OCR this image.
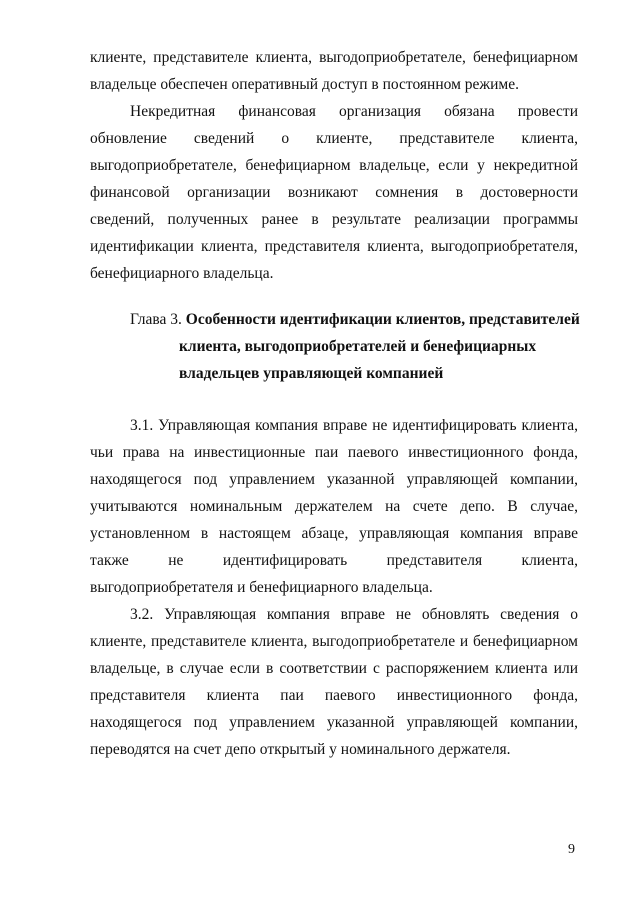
клиенте, представителе клиента, выгодоприобретателе, бенефициарном владельце обеспечен оперативный доступ в постоянном режиме.

Некредитная финансовая организация обязана провести обновление сведений о клиенте, представителе клиента, выгодоприобретателе, бенефициарном владельце, если у некредитной финансовой организации возникают сомнения в достоверности сведений, полученных ранее в результате реализации программы идентификации клиента, представителя клиента, выгодоприобретателя, бенефициарного владельца.

Глава 3. Особенности идентификации клиентов, представителей
клиента, выгодоприобретателей и бенефициарных
владельцев управляющей компанией

3.1. Управляющая компания вправе не идентифицировать клиента, чьи права на инвестиционные паи паевого инвестиционного фонда, находящегося под управлением указанной управляющей компании, учитываются номинальным держателем на счете депо. В случае, установленном в настоящем абзаце, управляющая компания вправе также не идентифицировать представителя клиента, выгодоприобретателя и бенефициарного владельца.

3.2. Управляющая компания вправе не обновлять сведения о клиенте, представителе клиента, выгодоприобретателе и бенефициарном владельце, в случае если в соответствии с распоряжением клиента или представителя клиента паи паевого инвестиционного фонда, находящегося под управлением указанной управляющей компании, переводятся на счет депо открытый у номинального держателя.

9
